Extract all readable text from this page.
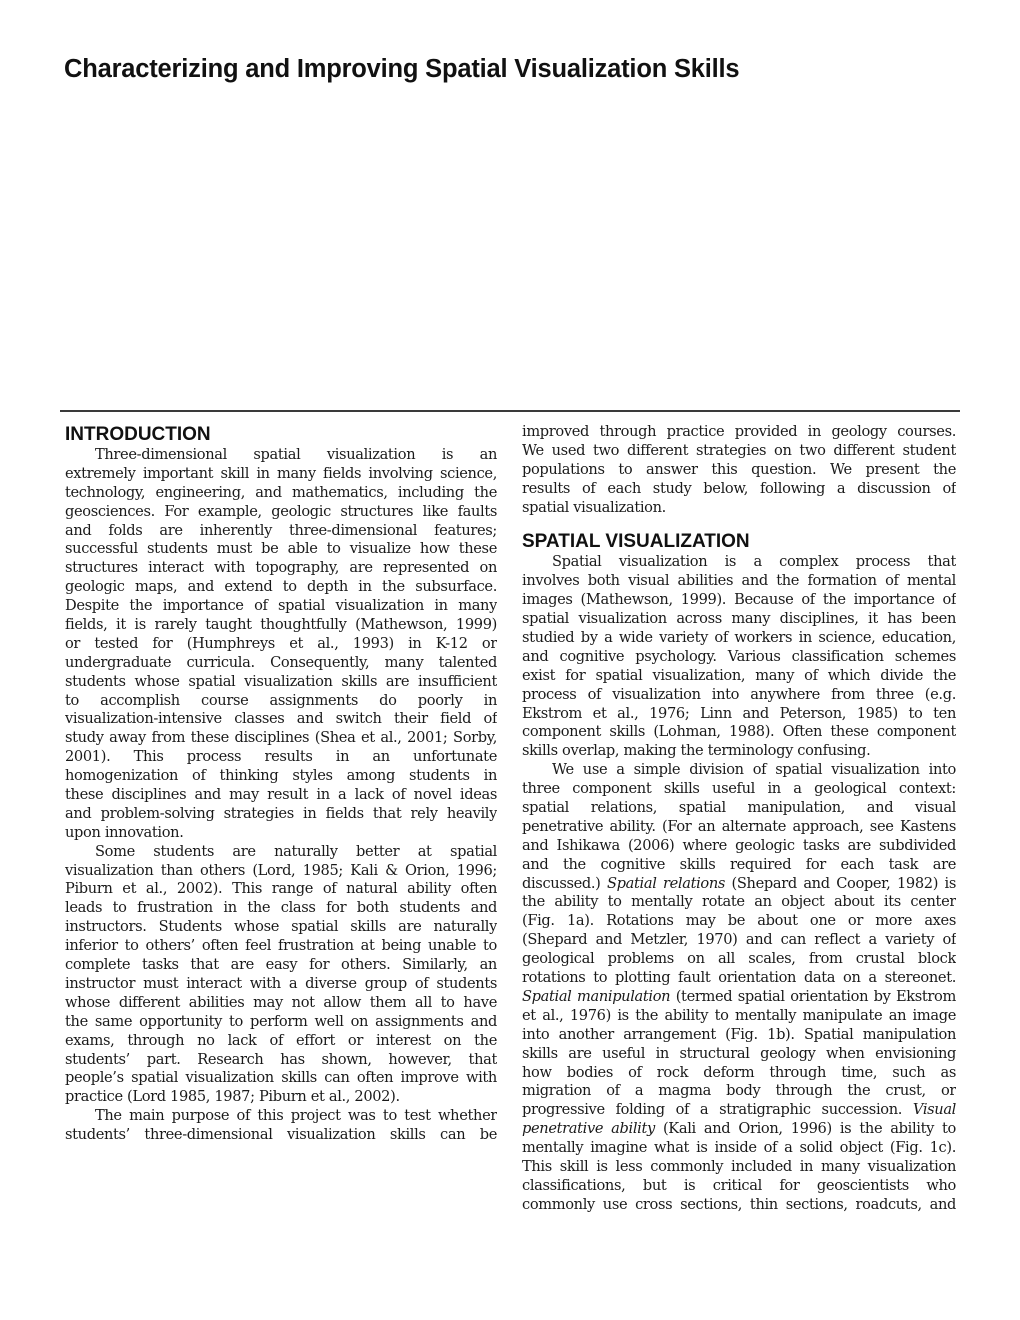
Characterizing and Improving Spatial Visualization Skills
INTRODUCTION
Three-dimensional spatial visualization is an
extremely important skill in many fields involving science,
technology, engineering, and mathematics, including the
geosciences. For example, geologic structures like faults
and folds are inherently three-dimensional features;
successful students must be able to visualize how these
structures interact with topography, are represented on
geologic maps, and extend to depth in the subsurface.
Despite the importance of spatial visualization in many
fields, it is rarely taught thoughtfully (Mathewson, 1999)
or tested for (Humphreys et al., 1993) in K-12 or
undergraduate curricula. Consequently, many talented
students whose spatial visualization skills are insufficient
to accomplish course assignments do poorly in
visualization-intensive classes and switch their field of
study away from these disciplines (Shea et al., 2001; Sorby,
2001). This process results in an unfortunate
homogenization of thinking styles among students in
these disciplines and may result in a lack of novel ideas
and problem-solving strategies in fields that rely heavily
upon innovation.
Some students are naturally better at spatial
visualization than others (Lord, 1985; Kali & Orion, 1996;
Piburn et al., 2002). This range of natural ability often
leads to frustration in the class for both students and
instructors. Students whose spatial skills are naturally
inferior to others’ often feel frustration at being unable to
complete tasks that are easy for others. Similarly, an
instructor must interact with a diverse group of students
whose different abilities may not allow them all to have
the same opportunity to perform well on assignments and
exams, through no lack of effort or interest on the
students’ part. Research has shown, however, that
people’s spatial visualization skills can often improve with
practice (Lord 1985, 1987; Piburn et al., 2002).
The main purpose of this project was to test whether
students’ three-dimensional visualization skills can be
improved through practice provided in geology courses.
We used two different strategies on two different student
populations to answer this question. We present the
results of each study below, following a discussion of
spatial visualization.
SPATIAL VISUALIZATION
Spatial visualization is a complex process that
involves both visual abilities and the formation of mental
images (Mathewson, 1999). Because of the importance of
spatial visualization across many disciplines, it has been
studied by a wide variety of workers in science, education,
and cognitive psychology. Various classification schemes
exist for spatial visualization, many of which divide the
process of visualization into anywhere from three (e.g.
Ekstrom et al., 1976; Linn and Peterson, 1985) to ten
component skills (Lohman, 1988). Often these component
skills overlap, making the terminology confusing.
We use a simple division of spatial visualization into
three component skills useful in a geological context:
spatial relations, spatial manipulation, and visual
penetrative ability. (For an alternate approach, see Kastens
and Ishikawa (2006) where geologic tasks are subdivided
and the cognitive skills required for each task are
discussed.) Spatial relations (Shepard and Cooper, 1982) is
the ability to mentally rotate an object about its center
(Fig. 1a). Rotations may be about one or more axes
(Shepard and Metzler, 1970) and can reflect a variety of
geological problems on all scales, from crustal block
rotations to plotting fault orientation data on a stereonet.
Spatial manipulation (termed spatial orientation by Ekstrom
et al., 1976) is the ability to mentally manipulate an image
into another arrangement (Fig. 1b). Spatial manipulation
skills are useful in structural geology when envisioning
how bodies of rock deform through time, such as
migration of a magma body through the crust, or
progressive folding of a stratigraphic succession. Visual
penetrative ability (Kali and Orion, 1996) is the ability to
mentally imagine what is inside of a solid object (Fig. 1c).
This skill is less commonly included in many visualization
classifications, but is critical for geoscientists who
commonly use cross sections, thin sections, roadcuts, and
